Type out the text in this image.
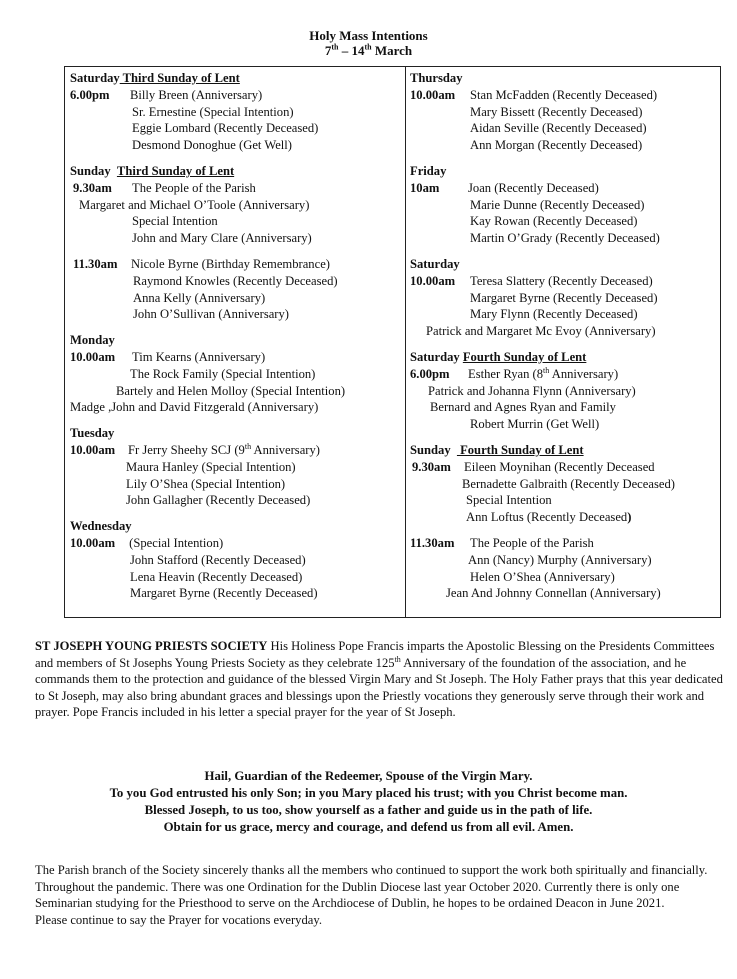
Holy Mass Intentions
7th – 14th March
Saturday Third Sunday of Lent
6.00pm Billy Breen (Anniversary)
Sr. Ernestine (Special Intention)
Eggie Lombard (Recently Deceased)
Desmond Donoghue (Get Well)
Sunday Third Sunday of Lent
9.30am The People of the Parish
Margaret and Michael O’Toole (Anniversary)
Special Intention
John and Mary Clare (Anniversary)
11.30am Nicole Byrne (Birthday Remembrance)
Raymond Knowles (Recently Deceased)
Anna Kelly (Anniversary)
John O’Sullivan (Anniversary)
Monday
10.00am Tim Kearns (Anniversary)
The Rock Family (Special Intention)
Bartely and Helen Molloy (Special Intention)
Madge ,John and David Fitzgerald (Anniversary)
Tuesday
10.00am Fr Jerry Sheehy SCJ (9th Anniversary)
Maura Hanley (Special Intention)
Lily O’Shea (Special Intention)
John Gallagher (Recently Deceased)
Wednesday
10.00am (Special Intention)
John Stafford (Recently Deceased)
Lena Heavin (Recently Deceased)
Margaret Byrne (Recently Deceased)
Thursday
10.00am Stan McFadden (Recently Deceased)
Mary Bissett (Recently Deceased)
Aidan Seville (Recently Deceased)
Ann Morgan (Recently Deceased)
Friday
10am Joan (Recently Deceased)
Marie Dunne (Recently Deceased)
Kay Rowan (Recently Deceased)
Martin O’Grady (Recently Deceased)
Saturday
10.00am Teresa Slattery (Recently Deceased)
Margaret Byrne (Recently Deceased)
Mary Flynn (Recently Deceased)
Patrick and Margaret Mc Evoy (Anniversary)
Saturday Fourth Sunday of Lent
6.00pm Esther Ryan (8th Anniversary)
Patrick and Johanna Flynn (Anniversary)
Bernard and Agnes Ryan and Family
Robert Murrin (Get Well)
Sunday   Fourth Sunday of Lent
9.30am Eileen Moynihan (Recently Deceased
Bernadette Galbraith (Recently Deceased)
Special Intention
Ann Loftus (Recently Deceased)
11.30am The People of the Parish
Ann (Nancy) Murphy (Anniversary)
Helen O’Shea (Anniversary)
Jean And Johnny Connellan (Anniversary)
ST JOSEPH YOUNG PRIESTS SOCIETY His Holiness Pope Francis imparts the Apostolic Blessing on the Presidents Committees and members of St Josephs Young Priests Society as they celebrate 125th Anniversary of the foundation of the association, and he commands them to the protection and guidance of the blessed Virgin Mary and St Joseph. The Holy Father prays that this year dedicated to St Joseph, may also bring abundant graces and blessings upon the Priestly vocations they generously serve through their work and prayer. Pope Francis included in his letter a special prayer for the year of St Joseph.
Hail, Guardian of the Redeemer, Spouse of the Virgin Mary.
To you God entrusted his only Son; in you Mary placed his trust; with you Christ become man.
Blessed Joseph, to us too, show yourself as a father and guide us in the path of life.
Obtain for us grace, mercy and courage, and defend us from all evil. Amen.
The Parish branch of the Society sincerely thanks all the members who continued to support the work both spiritually and financially. Throughout the pandemic. There was one Ordination for the Dublin Diocese last year October 2020. Currently there is only one Seminarian studying for the Priesthood to serve on the Archdiocese of Dublin, he hopes to be ordained Deacon in June 2021.
Please continue to say the Prayer for vocations everyday.
